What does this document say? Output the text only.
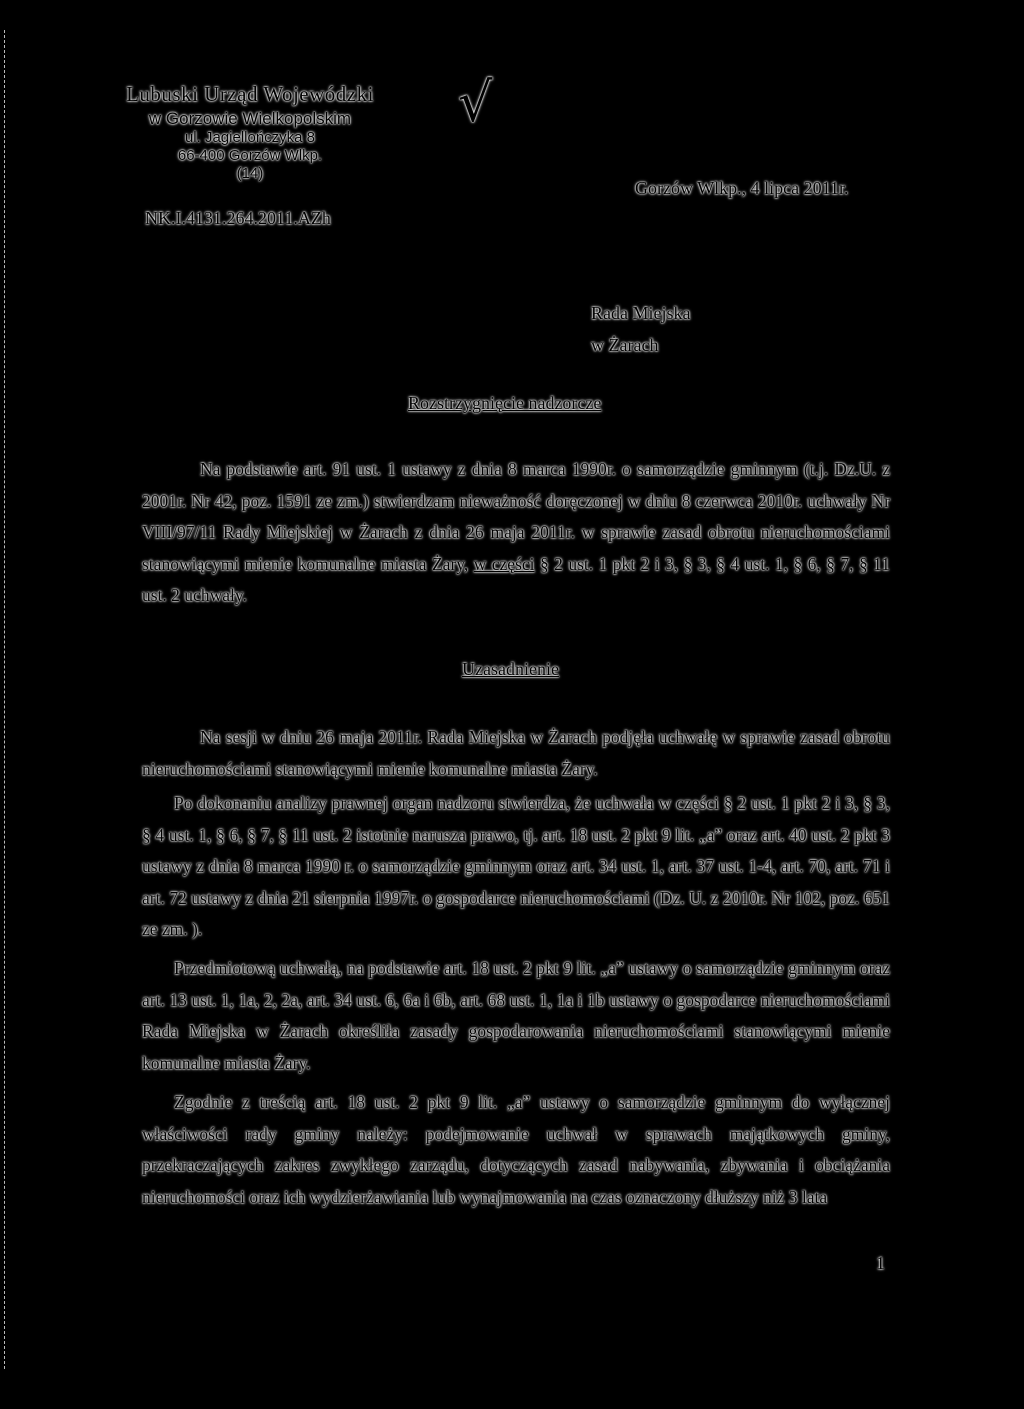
Lubuski Urząd Wojewódzki
w Gorzowie Wielkopolskim
ul. Jagiellończyka 8
66-400 Gorzów Wlkp.
(14)
√
Gorzów Wlkp., 4 lipca 2011r.
NK.I.4131.264.2011.AZh
Rada Miejska
w Żarach
Rozstrzygnięcie nadzorcze

Na podstawie art. 91 ust. 1 ustawy z dnia 8 marca 1990r. o samorządzie gminnym (t.j. Dz.U. z 2001r. Nr 42, poz. 1591 ze zm.) stwierdzam nieważność doręczonej w dniu 8 czerwca 2010r. uchwały Nr VIII/97/11 Rady Miejskiej w Żarach z dnia 26 maja 2011r. w sprawie zasad obrotu nieruchomościami stanowiącymi mienie komunalne miasta Żary, w części § 2 ust. 1 pkt 2 i 3, § 3, § 4 ust. 1, § 6, § 7, § 11 ust. 2 uchwały.

Uzasadnienie

Na sesji w dniu 26 maja 2011r. Rada Miejska w Żarach podjęła uchwałę w sprawie zasad obrotu nieruchomościami stanowiącymi mienie komunalne miasta Żary.

Po dokonaniu analizy prawnej organ nadzoru stwierdza, że uchwała w części § 2 ust. 1 pkt 2 i 3, § 3, § 4 ust. 1, § 6, § 7, § 11 ust. 2 istotnie narusza prawo, tj. art. 18 ust. 2 pkt 9 lit. „a” oraz art. 40 ust. 2 pkt 3 ustawy z dnia 8 marca 1990 r. o samorządzie gminnym oraz art. 34 ust. 1, art. 37 ust. 1-4, art. 70, art. 71 i art. 72 ustawy z dnia 21 sierpnia 1997r. o gospodarce nieruchomościami (Dz. U. z 2010r. Nr 102, poz. 651 ze zm. ).

Przedmiotową uchwałą, na podstawie art. 18 ust. 2 pkt 9 lit. „a” ustawy o samorządzie gminnym oraz art. 13 ust. 1, 1a, 2, 2a, art. 34 ust. 6, 6a i 6b, art. 68 ust. 1, 1a i 1b ustawy o gospodarce nieruchomościami Rada Miejska w Żarach określiła zasady gospodarowania nieruchomościami stanowiącymi mienie komunalne miasta Żary.

Zgodnie z treścią art. 18 ust. 2 pkt 9 lit. „a” ustawy o samorządzie gminnym do wyłącznej właściwości rady gminy należy: podejmowanie uchwał w sprawach majątkowych gminy, przekraczających zakres zwykłego zarządu, dotyczących zasad nabywania, zbywania i obciążania nieruchomości oraz ich wydzierżawiania lub wynajmowania na czas oznaczony dłuższy niż 3 lata

1
